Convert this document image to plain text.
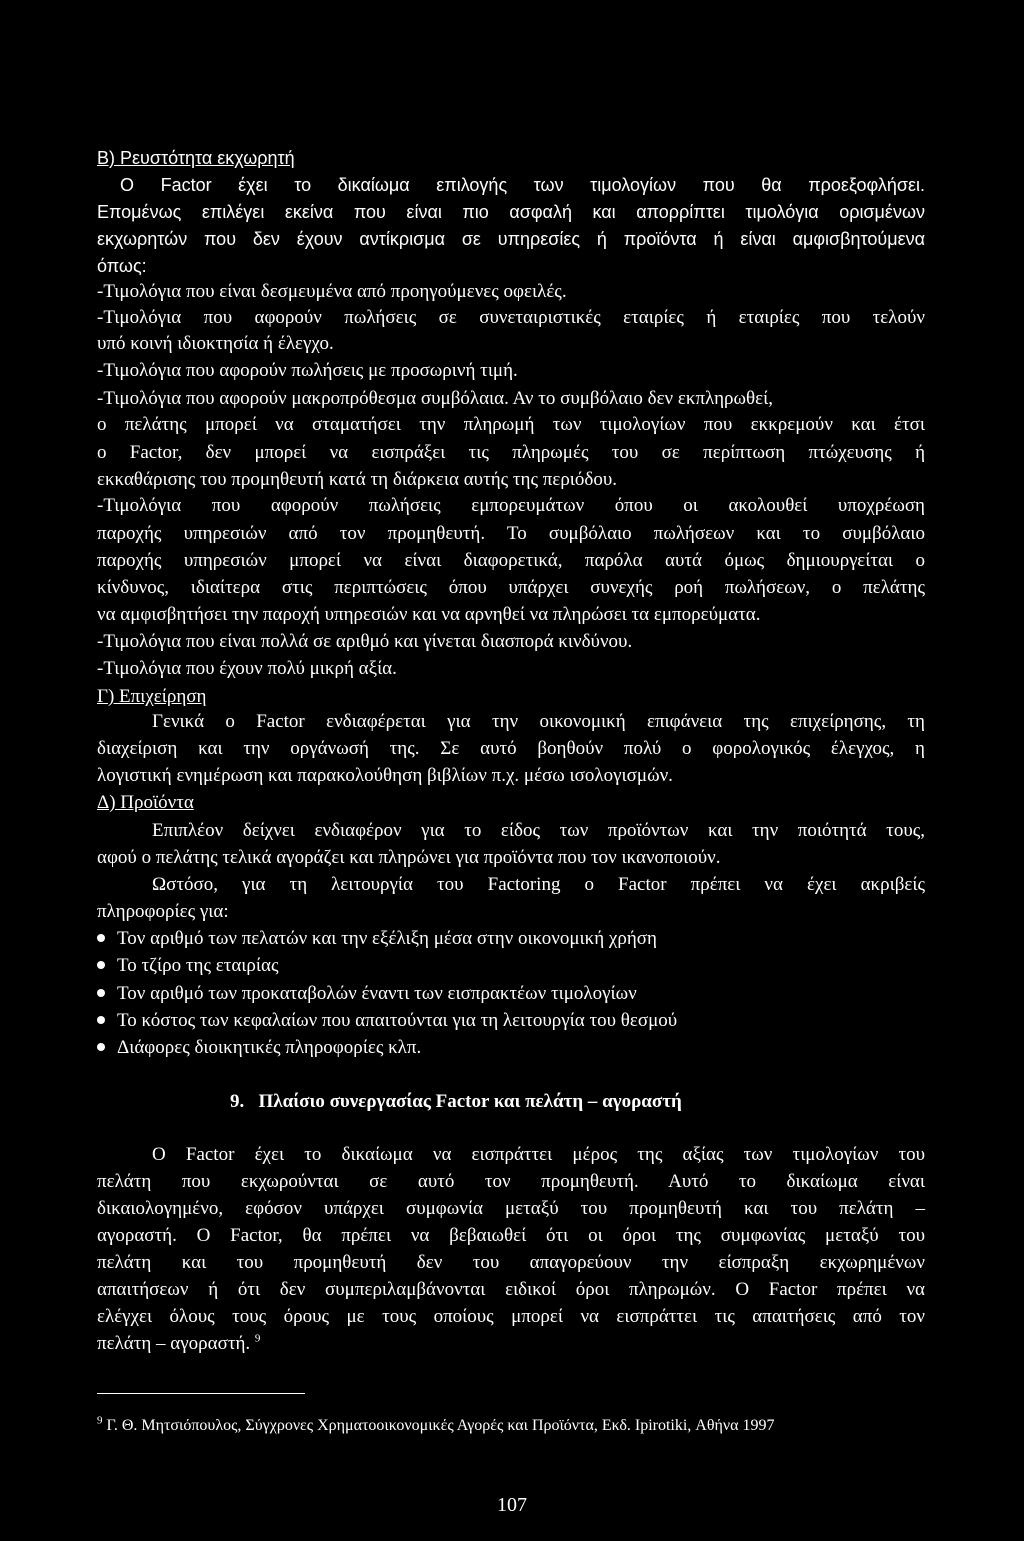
Β) Ρευστότητα εκχωρητή
Ο Factor έχει το δικαίωμα επιλογής των τιμολογίων που θα προεξοφλήσει.
Επομένως επιλέγει εκείνα που είναι πιο ασφαλή και απορρίπτει τιμολόγια ορισμένων
εκχωρητών που δεν έχουν αντίκρισμα σε υπηρεσίες ή προϊόντα ή είναι αμφισβητούμενα
όπως:
-Τιμολόγια που είναι δεσμευμένα από προηγούμενες οφειλές.
-Τιμολόγια που αφορούν πωλήσεις σε συνεταιριστικές εταιρίες ή εταιρίες που τελούν
υπό κοινή ιδιοκτησία ή έλεγχο.
-Τιμολόγια που αφορούν πωλήσεις με προσωρινή τιμή.
-Τιμολόγια που αφορούν μακροπρόθεσμα συμβόλαια. Αν το συμβόλαιο δεν εκπληρωθεί,
ο πελάτης μπορεί να σταματήσει την πληρωμή των τιμολογίων που εκκρεμούν και έτσι
ο Factor, δεν μπορεί να εισπράξει τις πληρωμές του σε περίπτωση πτώχευσης ή
εκκαθάρισης του προμηθευτή κατά τη διάρκεια αυτής της περιόδου.
-Τιμολόγια που αφορούν πωλήσεις εμπορευμάτων όπου οι ακολουθεί υποχρέωση
παροχής υπηρεσιών από τον προμηθευτή. Το συμβόλαιο πωλήσεων και το συμβόλαιο
παροχής υπηρεσιών μπορεί να είναι διαφορετικά, παρόλα αυτά όμως δημιουργείται ο
κίνδυνος, ιδιαίτερα στις περιπτώσεις όπου υπάρχει συνεχής ροή πωλήσεων, ο πελάτης
να αμφισβητήσει την παροχή υπηρεσιών και να αρνηθεί να πληρώσει τα εμπορεύματα.
-Τιμολόγια που είναι πολλά σε αριθμό και γίνεται διασπορά κινδύνου.
-Τιμολόγια που έχουν πολύ μικρή αξία.
Γ) Επιχείρηση
Γενικά ο Factor ενδιαφέρεται για την οικονομική επιφάνεια της επιχείρησης, τη
διαχείριση και την οργάνωσή της. Σε αυτό βοηθούν πολύ ο φορολογικός έλεγχος, η
λογιστική ενημέρωση και παρακολούθηση βιβλίων π.χ. μέσω ισολογισμών.
Δ) Προϊόντα
Επιπλέον δείχνει ενδιαφέρον για το είδος των προϊόντων και την ποιότητά τους,
αφού ο πελάτης τελικά αγοράζει και πληρώνει για προϊόντα που τον ικανοποιούν.
Ωστόσο, για τη λειτουργία του Factoring ο Factor πρέπει να έχει ακριβείς
πληροφορίες για:
Τον αριθμό των πελατών και την εξέλιξη μέσα στην οικονομική χρήση
Το τζίρο της εταιρίας
Τον αριθμό των προκαταβολών έναντι των εισπρακτέων τιμολογίων
Το κόστος των κεφαλαίων που απαιτούνται για τη λειτουργία του θεσμού
Διάφορες διοικητικές πληροφορίες κλπ.
9. Πλαίσιο συνεργασίας Factor και πελάτη – αγοραστή
Ο Factor έχει το δικαίωμα να εισπράττει μέρος της αξίας των τιμολογίων του
πελάτη που εκχωρούνται σε αυτό τον προμηθευτή. Αυτό το δικαίωμα είναι
δικαιολογημένο, εφόσον υπάρχει συμφωνία μεταξύ του προμηθευτή και του πελάτη –
αγοραστή. Ο Factor, θα πρέπει να βεβαιωθεί ότι οι όροι της συμφωνίας μεταξύ του
πελάτη και του προμηθευτή δεν του απαγορεύουν την είσπραξη εκχωρημένων
απαιτήσεων ή ότι δεν συμπεριλαμβάνονται ειδικοί όροι πληρωμών. Ο Factor πρέπει να
ελέγχει όλους τους όρους με τους οποίους μπορεί να εισπράττει τις απαιτήσεις από τον
πελάτη – αγοραστή. $^9$
$^9$ Γ. Θ. Μητσιόπουλος, Σύγχρονες Χρηματοοικονομικές Αγορές και Προϊόντα, Εκδ. Ipirotiki, Αθήνα 1997
107
